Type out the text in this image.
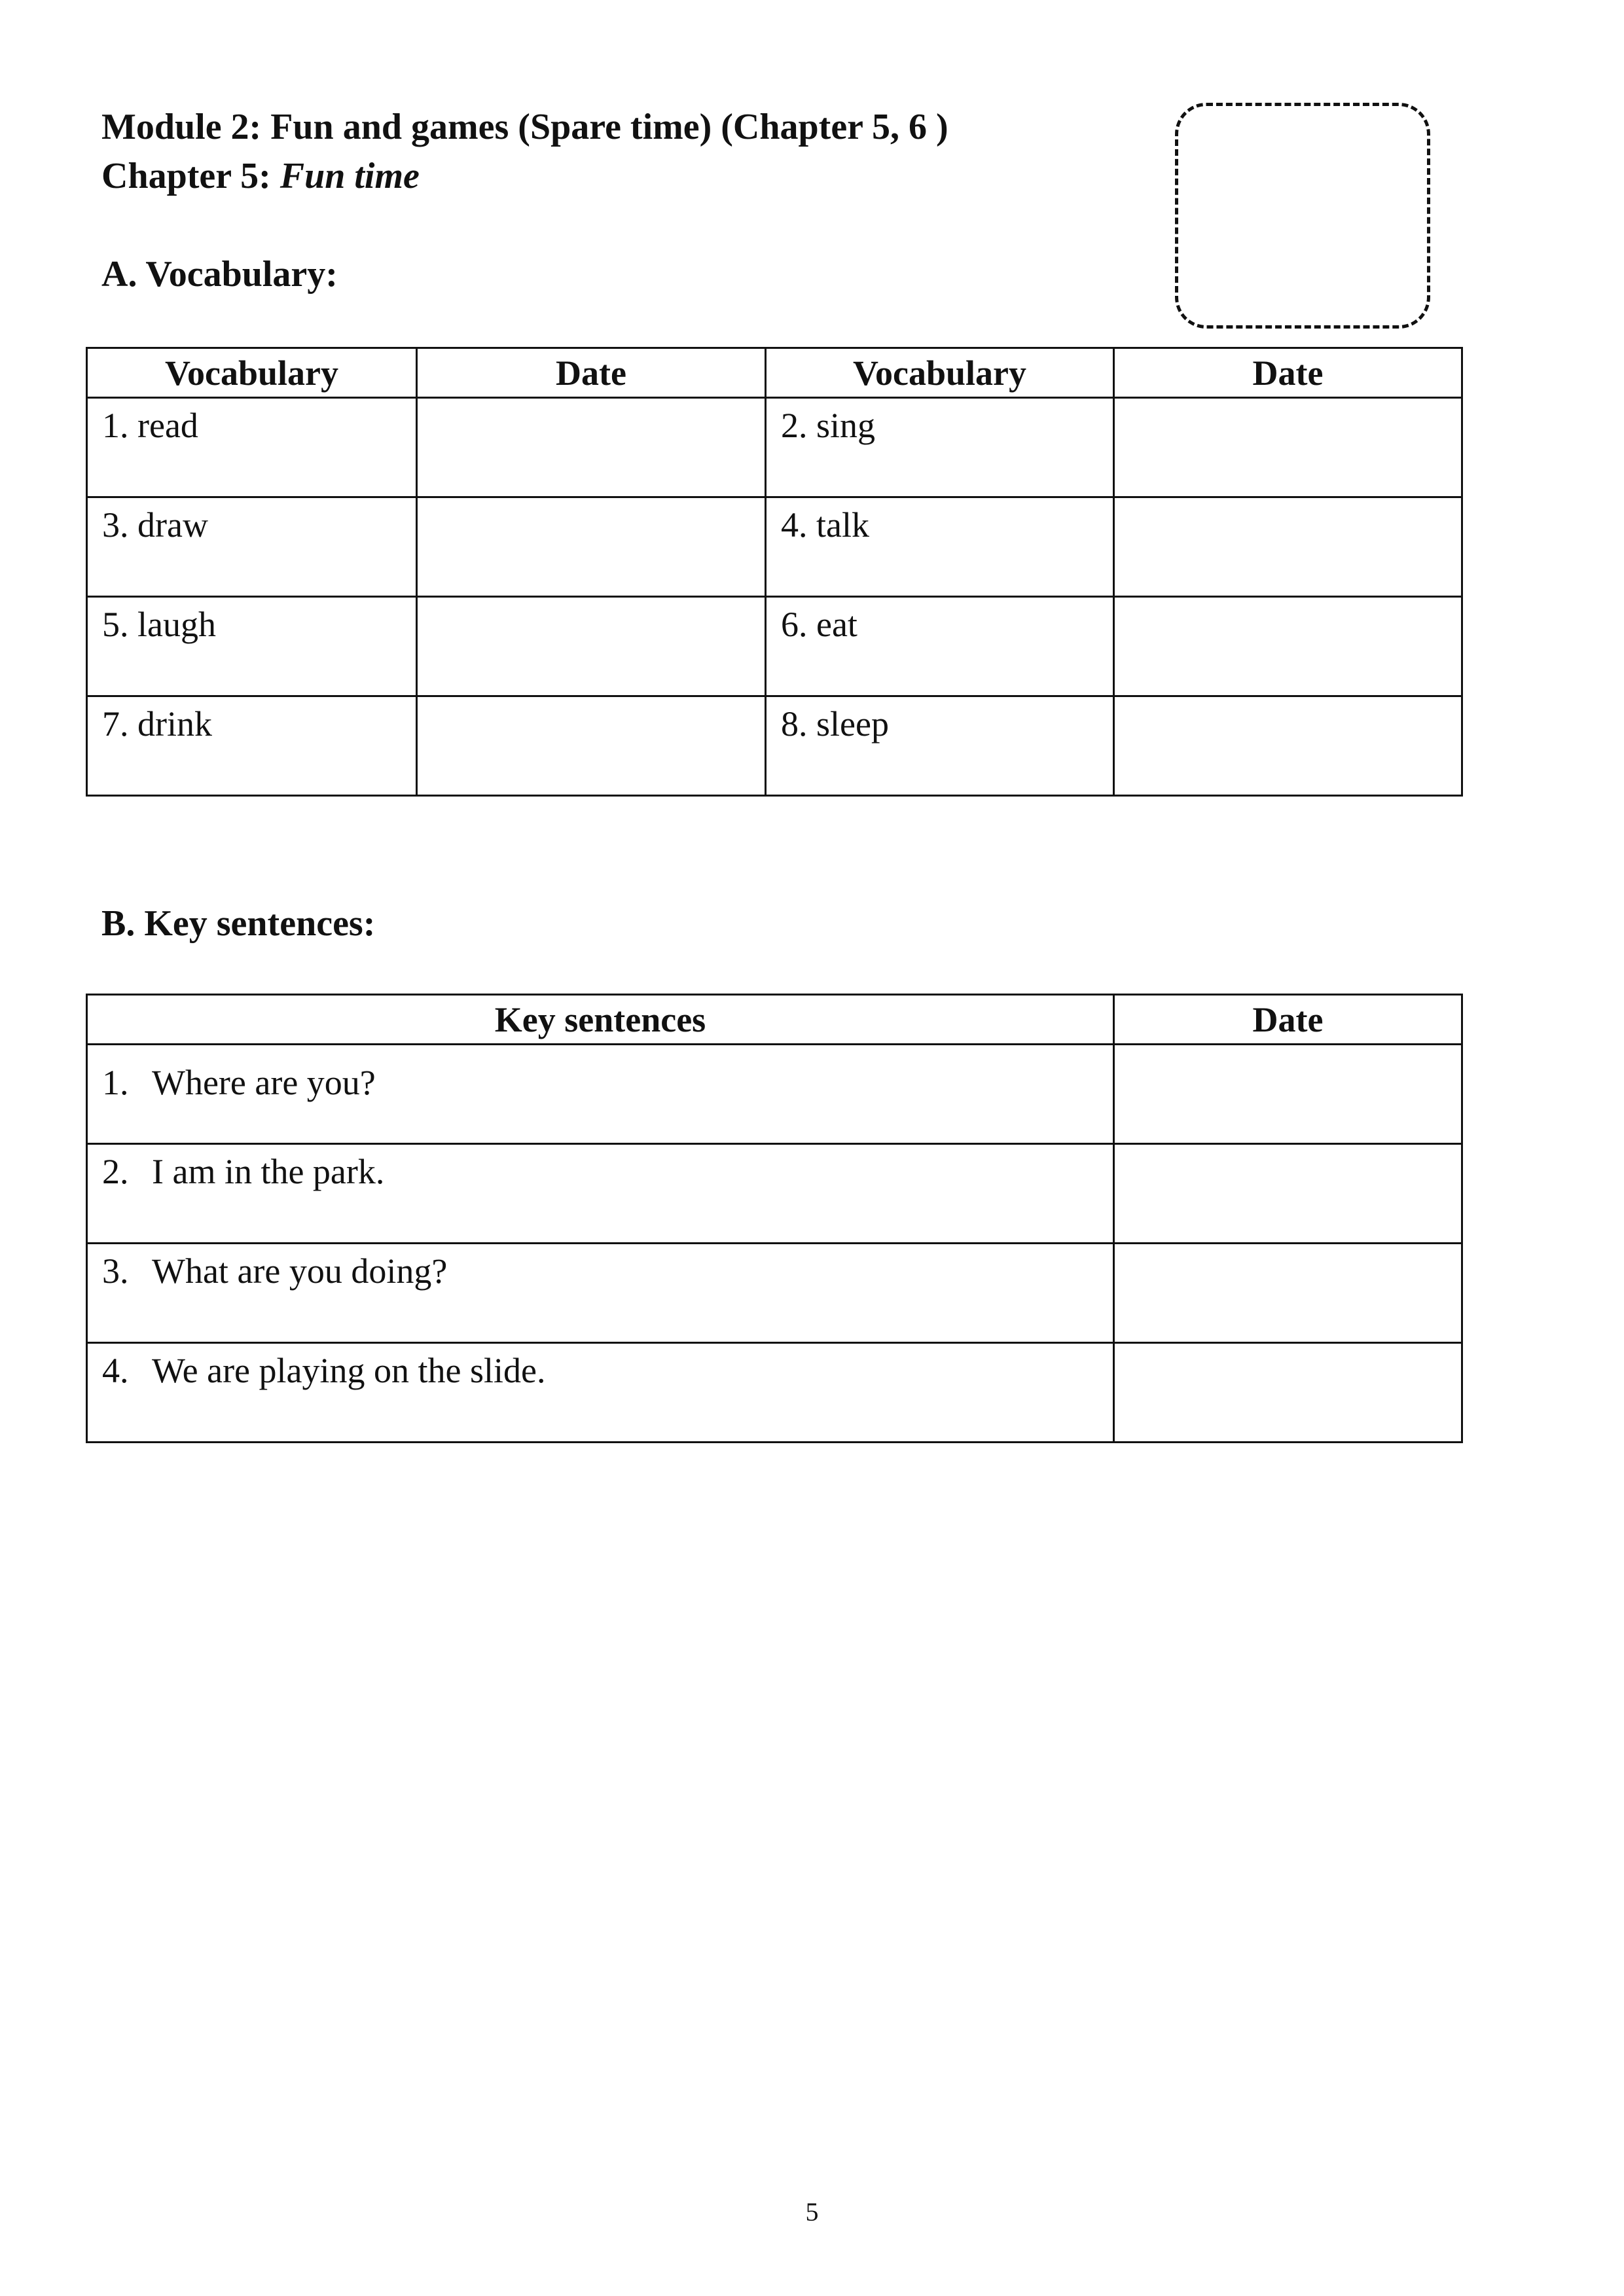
Module 2: Fun and games (Spare time) (Chapter 5, 6 )
Chapter 5: Fun time
A. Vocabulary:
Vocabulary	Date	Vocabulary	Date

1. read		2. sing	

3. draw		4. talk	

5. laugh		6. eat	

7. drink		8. sleep	

B. Key sentences:
Key sentences	Date

1. Where are you?	

2. I am in the park.	

3. What are you doing?	

4. We are playing on the slide.	

5
